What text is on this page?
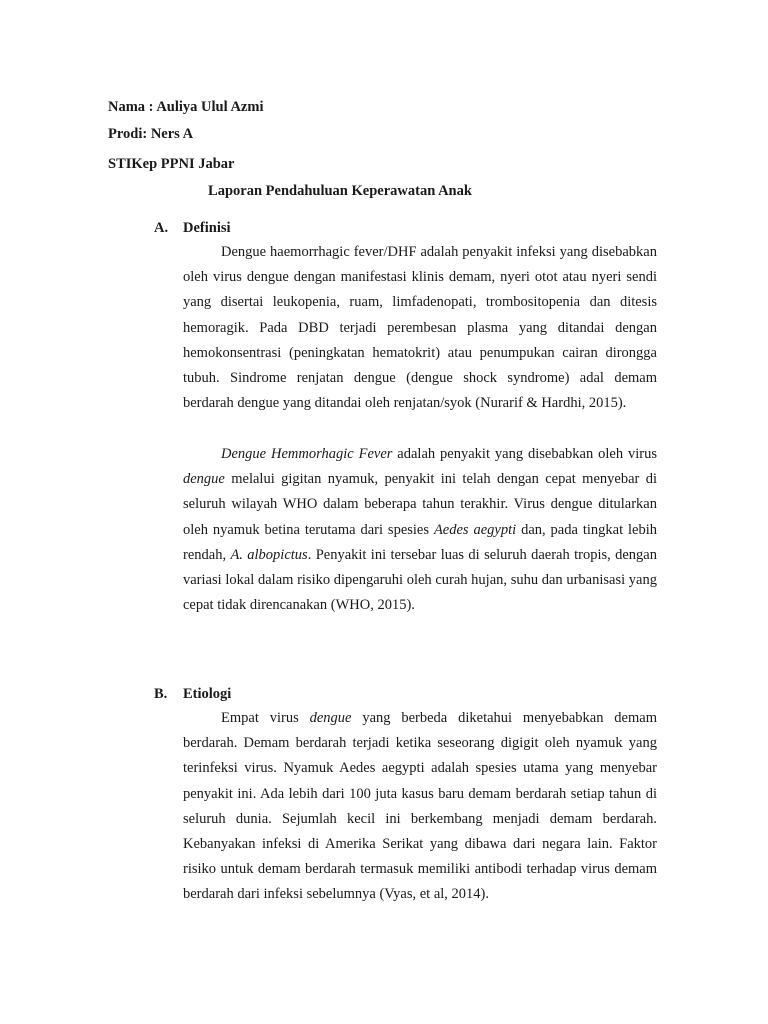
Nama : Auliya Ulul Azmi
Prodi: Ners A
STIKep PPNI Jabar
Laporan Pendahuluan Keperawatan Anak
A. Definisi

Dengue haemorrhagic fever/DHF adalah penyakit infeksi yang disebabkan oleh virus dengue dengan manifestasi klinis demam, nyeri otot atau nyeri sendi yang disertai leukopenia, ruam, limfadenopati, trombositopenia dan ditesis hemoragik. Pada DBD terjadi perembesan plasma yang ditandai dengan hemokonsentrasi (peningkatan hematokrit) atau penumpukan cairan dirongga tubuh. Sindrome renjatan dengue (dengue shock syndrome) adal demam berdarah dengue yang ditandai oleh renjatan/syok (Nurarif & Hardhi, 2015).

Dengue Hemmorhagic Fever adalah penyakit yang disebabkan oleh virus dengue melalui gigitan nyamuk, penyakit ini telah dengan cepat menyebar di seluruh wilayah WHO dalam beberapa tahun terakhir. Virus dengue ditularkan oleh nyamuk betina terutama dari spesies Aedes aegypti dan, pada tingkat lebih rendah, A. albopictus. Penyakit ini tersebar luas di seluruh daerah tropis, dengan variasi lokal dalam risiko dipengaruhi oleh curah hujan, suhu dan urbanisasi yang cepat tidak direncanakan (WHO, 2015).

B. Etiologi

Empat virus dengue yang berbeda diketahui menyebabkan demam berdarah. Demam berdarah terjadi ketika seseorang digigit oleh nyamuk yang terinfeksi virus. Nyamuk Aedes aegypti adalah spesies utama yang menyebar penyakit ini. Ada lebih dari 100 juta kasus baru demam berdarah setiap tahun di seluruh dunia. Sejumlah kecil ini berkembang menjadi demam berdarah. Kebanyakan infeksi di Amerika Serikat yang dibawa dari negara lain. Faktor risiko untuk demam berdarah termasuk memiliki antibodi terhadap virus demam berdarah dari infeksi sebelumnya (Vyas, et al, 2014).
